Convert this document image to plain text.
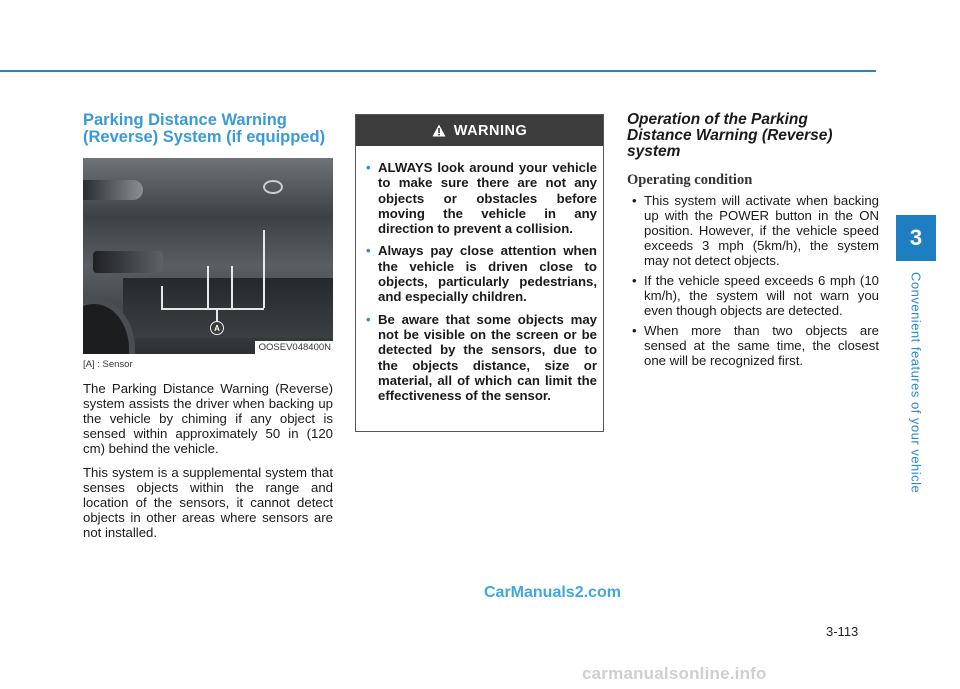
3
Convenient features of your vehicle
Parking Distance Warning
(Reverse) System (if equipped)
A
OOSEV048400N
[A] : Sensor

The Parking Distance Warning (Reverse) system assists the driver when backing up the vehicle by chiming if any object is sensed within approximately 50 in (120 cm) behind the vehicle.

This system is a supplemental system that senses objects within the range and location of the sensors, it cannot detect objects in other areas where sensors are not installed.

WARNING
• ALWAYS look around your vehicle to make sure there are not any objects or obstacles before moving the vehicle in any direction to prevent a collision.
• Always pay close attention when the vehicle is driven close to objects, particularly pedestrians, and especially children.
• Be aware that some objects may not be visible on the screen or be detected by the sensors, due to the objects distance, size or material, all of which can limit the effectiveness of the sensor.
Operation of the Parking
Distance Warning (Reverse)
system
Operating condition
• This system will activate when backing up with the POWER button in the ON position. However, if the vehicle speed exceeds 3 mph (5km/h), the system may not detect objects.
• If the vehicle speed exceeds 6 mph (10 km/h), the system will not warn you even though objects are detected.
• When more than two objects are sensed at the same time, the closest one will be recognized first.
CarManuals2.com
3-113
carmanualsonline.info
